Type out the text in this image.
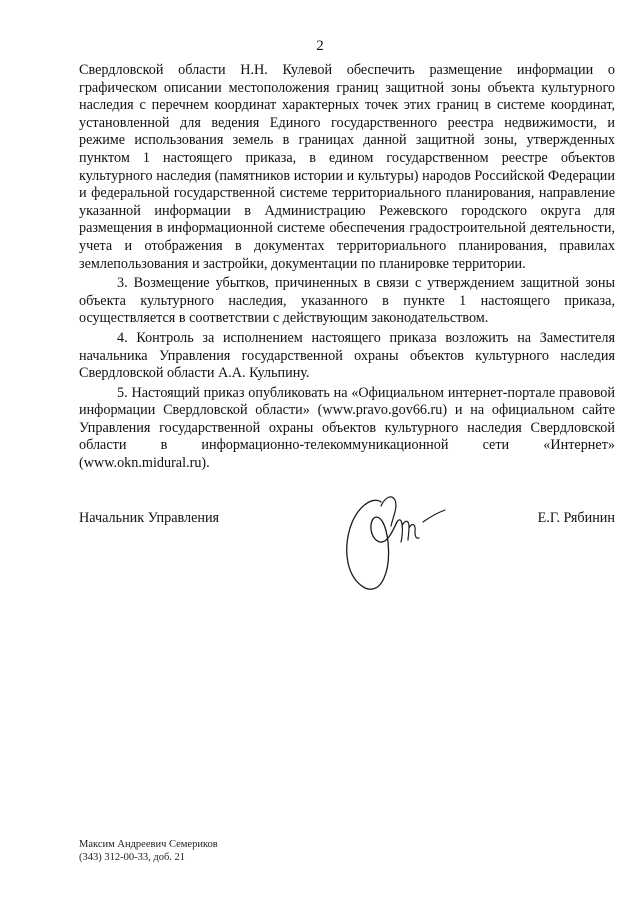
2

Свердловской области Н.Н. Кулевой обеспечить размещение информации о графическом описании местоположения границ защитной зоны объекта культурного наследия с перечнем координат характерных точек этих границ в системе координат, установленной для ведения Единого государственного реестра недвижимости, и режиме использования земель в границах данной защитной зоны, утвержденных пунктом 1 настоящего приказа, в едином государственном реестре объектов культурного наследия (памятников истории и культуры) народов Российской Федерации и федеральной государственной системе территориального планирования, направление указанной информации в Администрацию Режевского городского округа для размещения в информационной системе обеспечения градостроительной деятельности, учета и отображения в документах территориального планирования, правилах землепользования и застройки, документации по планировке территории.

3. Возмещение убытков, причиненных в связи с утверждением защитной зоны объекта культурного наследия, указанного в пункте 1 настоящего приказа, осуществляется в соответствии с действующим законодательством.

4. Контроль за исполнением настоящего приказа возложить на Заместителя начальника Управления государственной охраны объектов культурного наследия Свердловской области А.А. Кульпину.

5. Настоящий приказ опубликовать на «Официальном интернет-портале правовой информации Свердловской области» (www.pravo.gov66.ru) и на официальном сайте Управления государственной охраны объектов культурного наследия Свердловской области в информационно-телекоммуникационной сети «Интернет» (www.okn.midural.ru).

Начальник Управления	Е.Г. Рябинин
Максим Андреевич Семериков
(343) 312-00-33, доб. 21
